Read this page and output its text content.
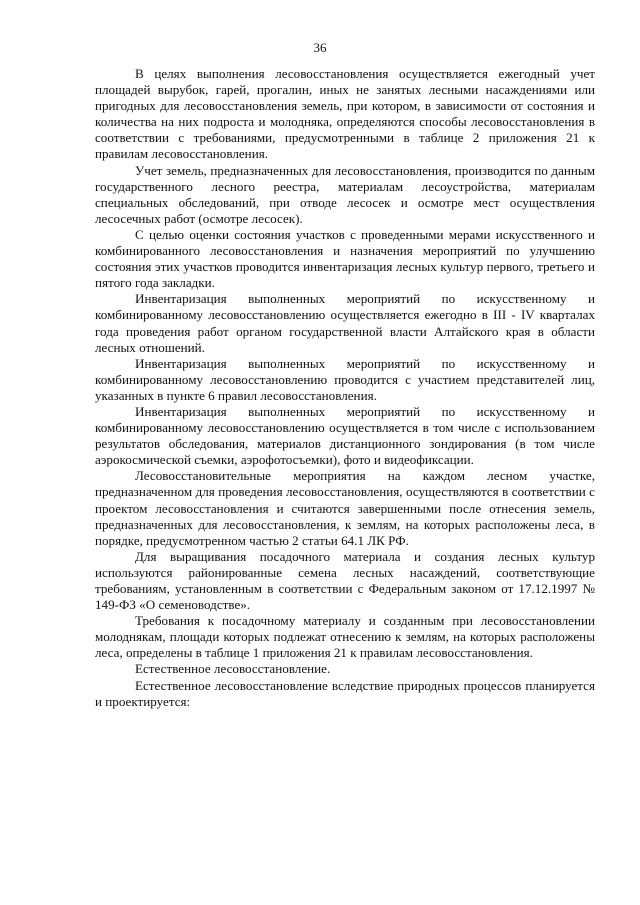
36

В целях выполнения лесовосстановления осуществляется ежегодный учет площадей вырубок, гарей, прогалин, иных не занятых лесными насаждениями или пригодных для лесовосстановления земель, при котором, в зависимости от состояния и количества на них подроста и молодняка, определяются способы лесовосстановления в соответствии с требованиями, предусмотренными в таблице 2 приложения 21 к правилам лесовосстановления.

Учет земель, предназначенных для лесовосстановления, производится по данным государственного лесного реестра, материалам лесоустройства, материалам специальных обследований, при отводе лесосек и осмотре мест осуществления лесосечных работ (осмотре лесосек).

С целью оценки состояния участков с проведенными мерами искусственного и комбинированного лесовосстановления и назначения мероприятий по улучшению состояния этих участков проводится инвентаризация лесных культур первого, третьего и пятого года закладки.

Инвентаризация выполненных мероприятий по искусственному и комбинированному лесовосстановлению осуществляется ежегодно в III - IV кварталах года проведения работ органом государственной власти Алтайского края в области лесных отношений.

Инвентаризация выполненных мероприятий по искусственному и комбинированному лесовосстановлению проводится с участием представителей лиц, указанных в пункте 6 правил лесовосстановления.

Инвентаризация выполненных мероприятий по искусственному и комбинированному лесовосстановлению осуществляется в том числе с использованием результатов обследования, материалов дистанционного зондирования (в том числе аэрокосмической съемки, аэрофотосъемки), фото и видеофиксации.

Лесовосстановительные мероприятия на каждом лесном участке, предназначенном для проведения лесовосстановления, осуществляются в соответствии с проектом лесовосстановления и считаются завершенными после отнесения земель, предназначенных для лесовосстановления, к землям, на которых расположены леса, в порядке, предусмотренном частью 2 статьи 64.1 ЛК РФ.

Для выращивания посадочного материала и создания лесных культур используются районированные семена лесных насаждений, соответствующие требованиям, установленным в соответствии с Федеральным законом от 17.12.1997 № 149-ФЗ «О семеноводстве».

Требования к посадочному материалу и созданным при лесовосстановлении молоднякам, площади которых подлежат отнесению к землям, на которых расположены леса, определены в таблице 1 приложения 21 к правилам лесовосстановления.

Естественное лесовосстановление.

Естественное лесовосстановление вследствие природных процессов планируется и проектируется:
